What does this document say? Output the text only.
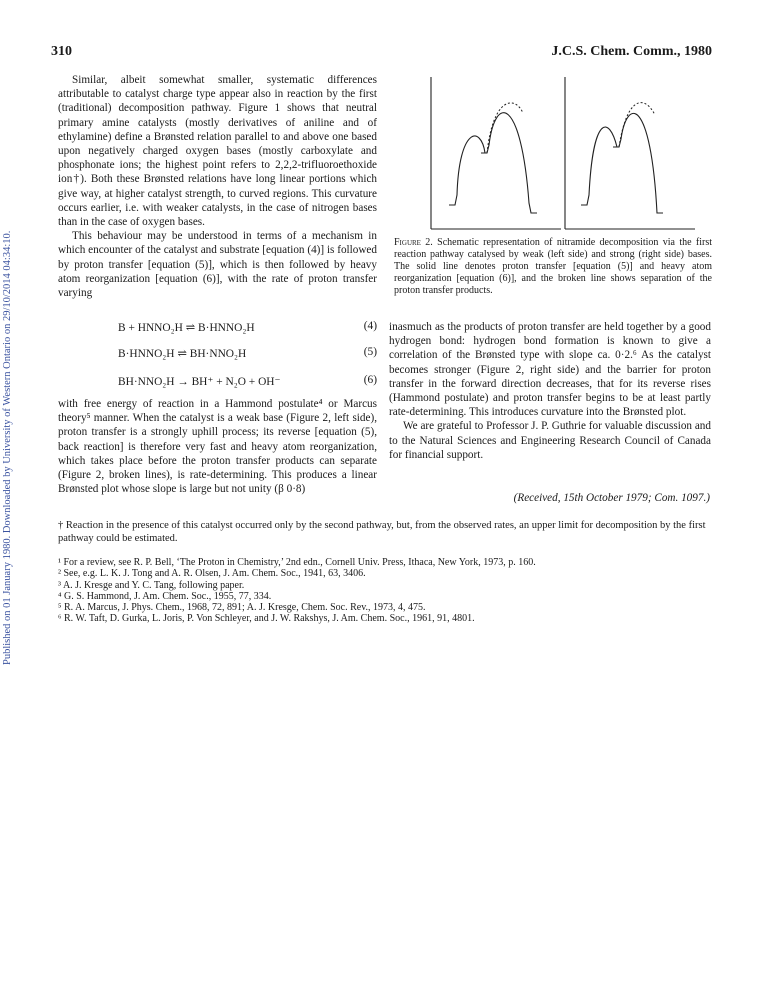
310	J.C.S. Chem. Comm., 1980
Published on 01 January 1980. Downloaded by University of Western Ontario on 29/10/2014 04:34:10.

Similar, albeit somewhat smaller, systematic differences attributable to catalyst charge type appear also in reaction by the first (traditional) decomposition pathway. Figure 1 shows that neutral primary amine catalysts (mostly derivatives of aniline and of ethylamine) define a Brønsted relation parallel to and above one based upon negatively charged oxygen bases (mostly carboxylate and phosphonate ions; the highest point refers to 2,2,2-trifluoroethoxide ion†). Both these Brønsted relations have long linear portions which give way, at higher catalyst strength, to curved regions. This curvature occurs earlier, i.e. with weaker catalysts, in the case of nitrogen bases than in the case of oxygen bases.

This behaviour may be understood in terms of a mechanism in which encounter of the catalyst and substrate [equation (4)] is followed by proton transfer [equation (5)], which is then followed by heavy atom reorganization [equation (6)], with the rate of proton transfer varying

B + HNNO₂H ⇌ B·HNNO₂H	(4)
B·HNNO₂H ⇌ BH·NNO₂H	(5)
BH·NNO₂H → BH⁺ + N₂O + OH⁻	(6)

with free energy of reaction in a Hammond postulate⁴ or Marcus theory⁵ manner. When the catalyst is a weak base (Figure 2, left side), proton transfer is a strongly uphill process; its reverse [equation (5), back reaction] is therefore very fast and heavy atom reorganization, which takes place before the proton transfer products can separate (Figure 2, broken lines), is rate-determining. This produces a linear Brønsted plot whose slope is large but not unity (β 0·8)

Figure 2. Schematic representation of nitramide decomposition via the first reaction pathway catalysed by weak (left side) and strong (right side) bases. The solid line denotes proton transfer [equation (5)] and heavy atom reorganization [equation (6)], and the broken line shows separation of the proton transfer products.

inasmuch as the products of proton transfer are held together by a good hydrogen bond: hydrogen bond formation is known to give a correlation of the Brønsted type with slope ca. 0·2.⁶ As the catalyst becomes stronger (Figure 2, right side) and the barrier for proton transfer in the forward direction decreases, that for its reverse rises (Hammond postulate) and proton transfer begins to be at least partly rate-determining. This introduces curvature into the Brønsted plot.

We are grateful to Professor J. P. Guthrie for valuable discussion and to the Natural Sciences and Engineering Research Council of Canada for financial support.

(Received, 15th October 1979; Com. 1097.)
† Reaction in the presence of this catalyst occurred only by the second pathway, but, from the observed rates, an upper limit for decomposition by the first pathway could be estimated.
¹ For a review, see R. P. Bell, ‘The Proton in Chemistry,’ 2nd edn., Cornell Univ. Press, Ithaca, New York, 1973, p. 160.
² See, e.g. L. K. J. Tong and A. R. Olsen, J. Am. Chem. Soc., 1941, 63, 3406.
³ A. J. Kresge and Y. C. Tang, following paper.
⁴ G. S. Hammond, J. Am. Chem. Soc., 1955, 77, 334.
⁵ R. A. Marcus, J. Phys. Chem., 1968, 72, 891; A. J. Kresge, Chem. Soc. Rev., 1973, 4, 475.
⁶ R. W. Taft, D. Gurka, L. Joris, P. Von Schleyer, and J. W. Rakshys, J. Am. Chem. Soc., 1961, 91, 4801.
